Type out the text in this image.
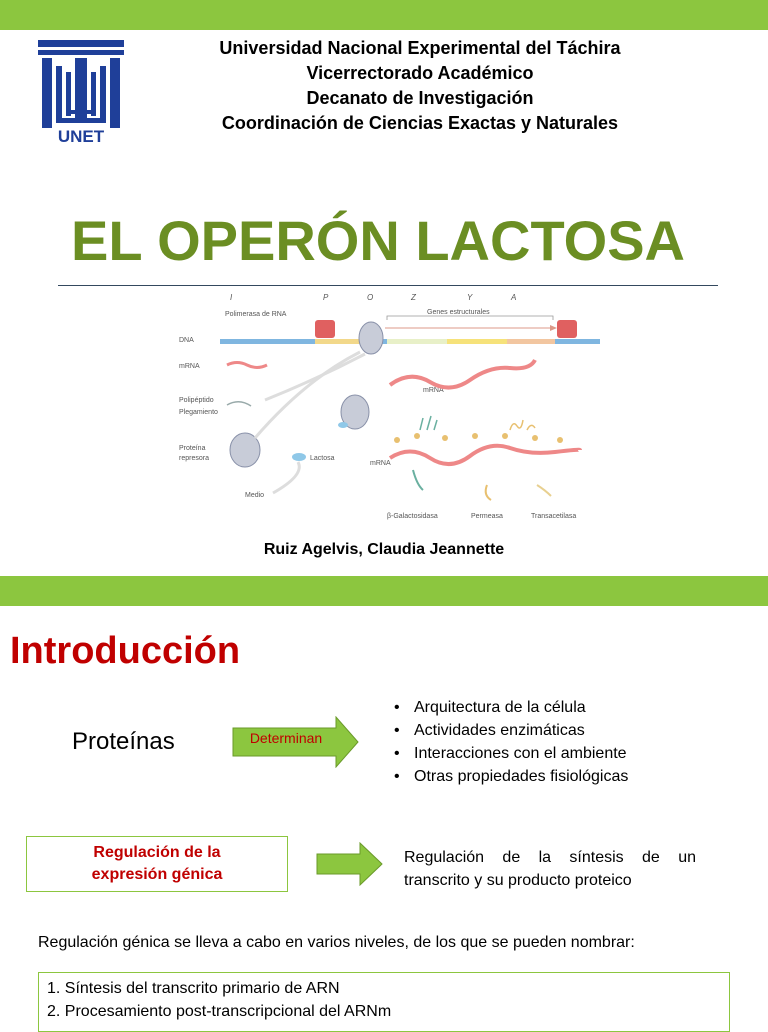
UNET
Universidad Nacional Experimental del Táchira
Vicerrectorado Académico
Decanato de Investigación
Coordinación de Ciencias Exactas y Naturales
EL OPERÓN LACTOSA
I	P	O	Z	Y	A
Polimerasa de RNA	Genes estructurales
DNA
mRNA
Polipéptido
Plegamiento
Proteína
represora	Lactosa
Medio
mRNA
mRNA
β-Galactosidasa	Permeasa	Transacetilasa
Ruiz Agelvis, Claudia Jeannette
Introducción
Proteínas	Determinan
• Arquitectura de la célula
• Actividades enzimáticas
• Interacciones con el ambiente
• Otras propiedades fisiológicas
Regulación de la
expresión génica
Regulación de la síntesis de un
transcrito y su producto proteico
Regulación génica se lleva a cabo en varios niveles, de los que se pueden nombrar:
1. Síntesis del transcrito primario de ARN
2. Procesamiento post-transcripcional del ARNm
